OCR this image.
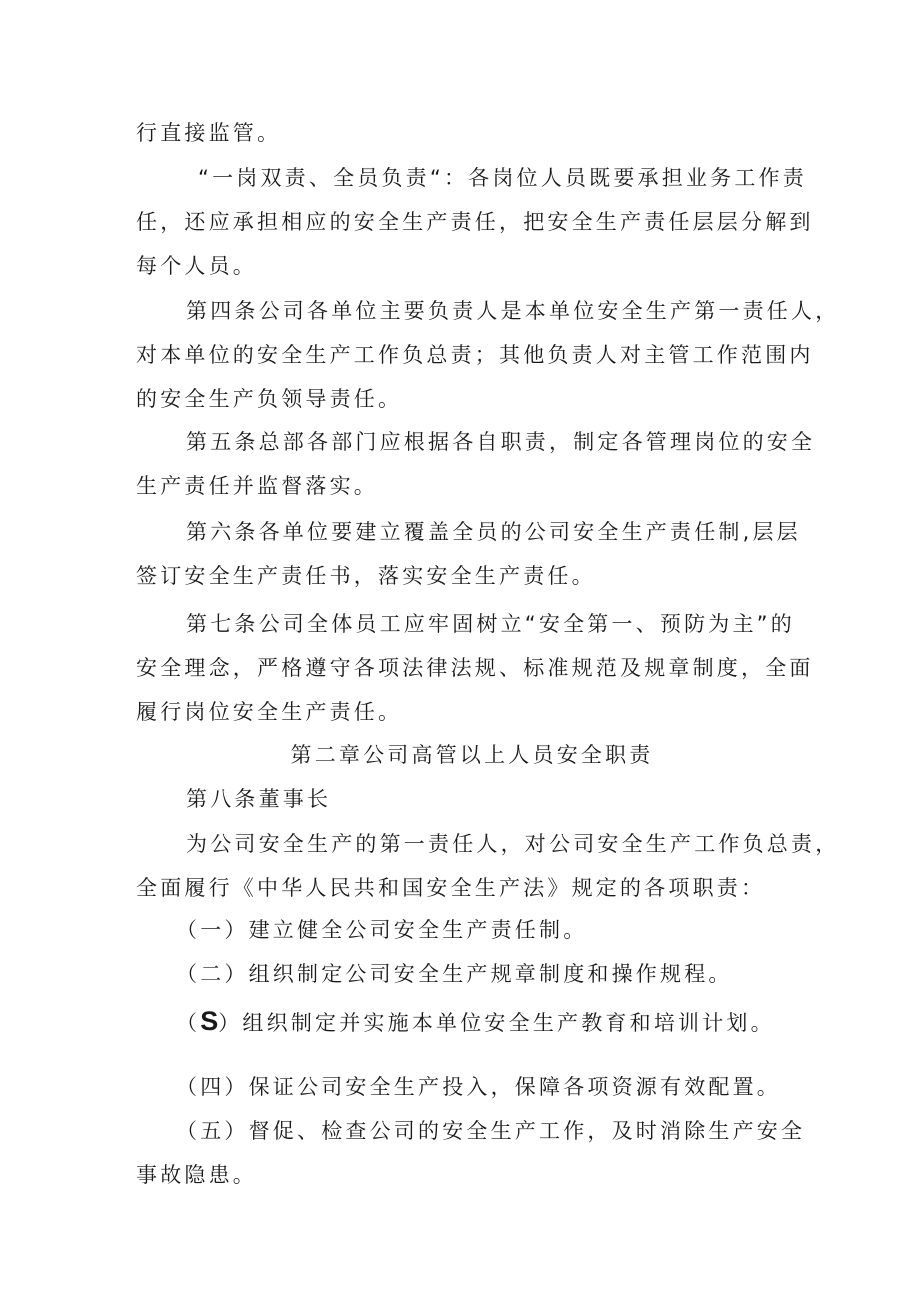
行直接监管。

“一岗双责、全员负责“：各岗位人员既要承担业务工作责
任，还应承担相应的安全生产责任，把安全生产责任层层分解到
每个人员。

第四条公司各单位主要负责人是本单位安全生产第一责任人，
对本单位的安全生产工作负总责；其他负责人对主管工作范围内
的安全生产负领导责任。

第五条总部各部门应根据各自职责，制定各管理岗位的安全
生产责任并监督落实。

第六条各单位要建立覆盖全员的公司安全生产责任制,层层
签订安全生产责任书，落实安全生产责任。

第七条公司全体员工应牢固树立“安全第一、预防为主”的
安全理念，严格遵守各项法律法规、标准规范及规章制度，全面
履行岗位安全生产责任。

第二章公司高管以上人员安全职责

第八条董事长

为公司安全生产的第一责任人，对公司安全生产工作负总责，
全面履行《中华人民共和国安全生产法》规定的各项职责：

（一）建立健全公司安全生产责任制。

（二）组织制定公司安全生产规章制度和操作规程。

（S）组织制定并实施本单位安全生产教育和培训计划。

（四）保证公司安全生产投入，保障各项资源有效配置。

（五）督促、检查公司的安全生产工作，及时消除生产安全
事故隐患。
